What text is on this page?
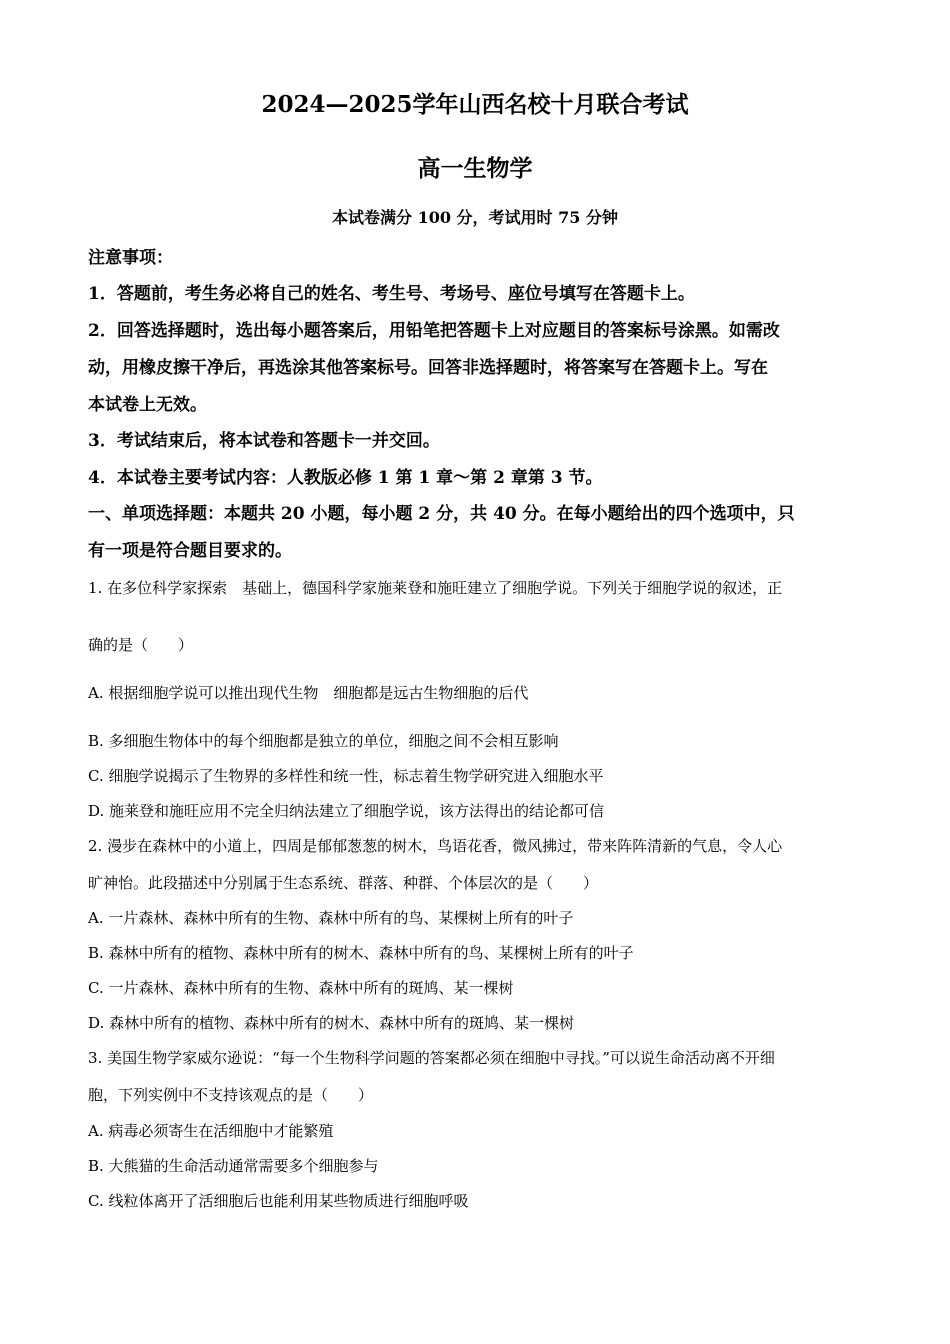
2024—2025学年山西名校十月联合考试
高一生物学
本试卷满分 100 分，考试用时 75 分钟
注意事项：
1．答题前，考生务必将自己的姓名、考生号、考场号、座位号填写在答题卡上。
2．回答选择题时，选出每小题答案后，用铅笔把答题卡上对应题目的答案标号涂黑。如需改
动，用橡皮擦干净后，再选涂其他答案标号。回答非选择题时，将答案写在答题卡上。写在
本试卷上无效。
3．考试结束后，将本试卷和答题卡一并交回。
4．本试卷主要考试内容：人教版必修 1 第 1 章～第 2 章第 3 节。
一、单项选择题：本题共 20 小题，每小题 2 分，共 40 分。在每小题给出的四个选项中，只
有一项是符合题目要求的。
1. 在多位科学家探索　基础上，德国科学家施莱登和施旺建立了细胞学说。下列关于细胞学说的叙述，正
确的是（　　）
A. 根据细胞学说可以推出现代生物　细胞都是远古生物细胞的后代
B. 多细胞生物体中的每个细胞都是独立的单位，细胞之间不会相互影响
C. 细胞学说揭示了生物界的多样性和统一性，标志着生物学研究进入细胞水平
D. 施莱登和施旺应用不完全归纳法建立了细胞学说，该方法得出的结论都可信
2. 漫步在森林中的小道上，四周是郁郁葱葱的树木，鸟语花香，微风拂过，带来阵阵清新的气息，令人心
旷神怡。此段描述中分别属于生态系统、群落、种群、个体层次的是（　　）
A. 一片森林、森林中所有的生物、森林中所有的鸟、某棵树上所有的叶子
B. 森林中所有的植物、森林中所有的树木、森林中所有的鸟、某棵树上所有的叶子
C. 一片森林、森林中所有的生物、森林中所有的斑鸠、某一棵树
D. 森林中所有的植物、森林中所有的树木、森林中所有的斑鸠、某一棵树
3. 美国生物学家威尔逊说：“每一个生物科学问题的答案都必须在细胞中寻找。”可以说生命活动离不开细
胞，下列实例中不支持该观点的是（　　）
A. 病毒必须寄生在活细胞中才能繁殖
B. 大熊猫的生命活动通常需要多个细胞参与
C. 线粒体离开了活细胞后也能利用某些物质进行细胞呼吸
